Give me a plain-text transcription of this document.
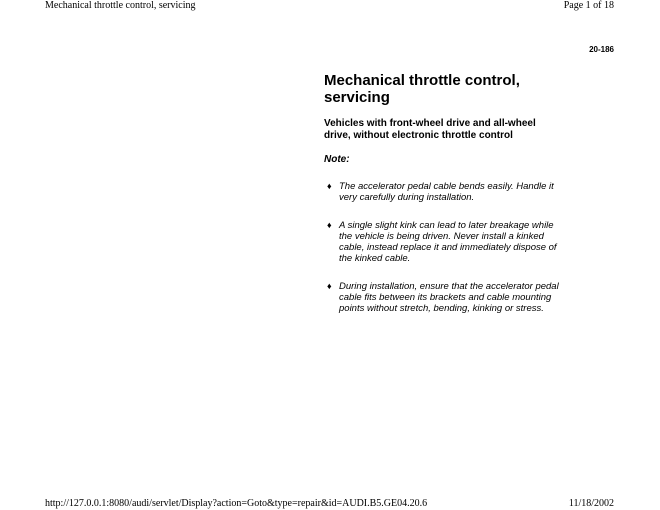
Mechanical throttle control, servicing	Page 1 of 18
20-186
Mechanical throttle control, servicing
Vehicles with front-wheel drive and all-wheel drive, without electronic throttle control
Note:
♦ The accelerator pedal cable bends easily. Handle it very carefully during installation.
♦ A single slight kink can lead to later breakage while the vehicle is being driven. Never install a kinked cable, instead replace it and immediately dispose of the kinked cable.
♦ During installation, ensure that the accelerator pedal cable fits between its brackets and cable mounting points without stretch, bending, kinking or stress.
http://127.0.0.1:8080/audi/servlet/Display?action=Goto&type=repair&id=AUDI.B5.GE04.20.6	11/18/2002
